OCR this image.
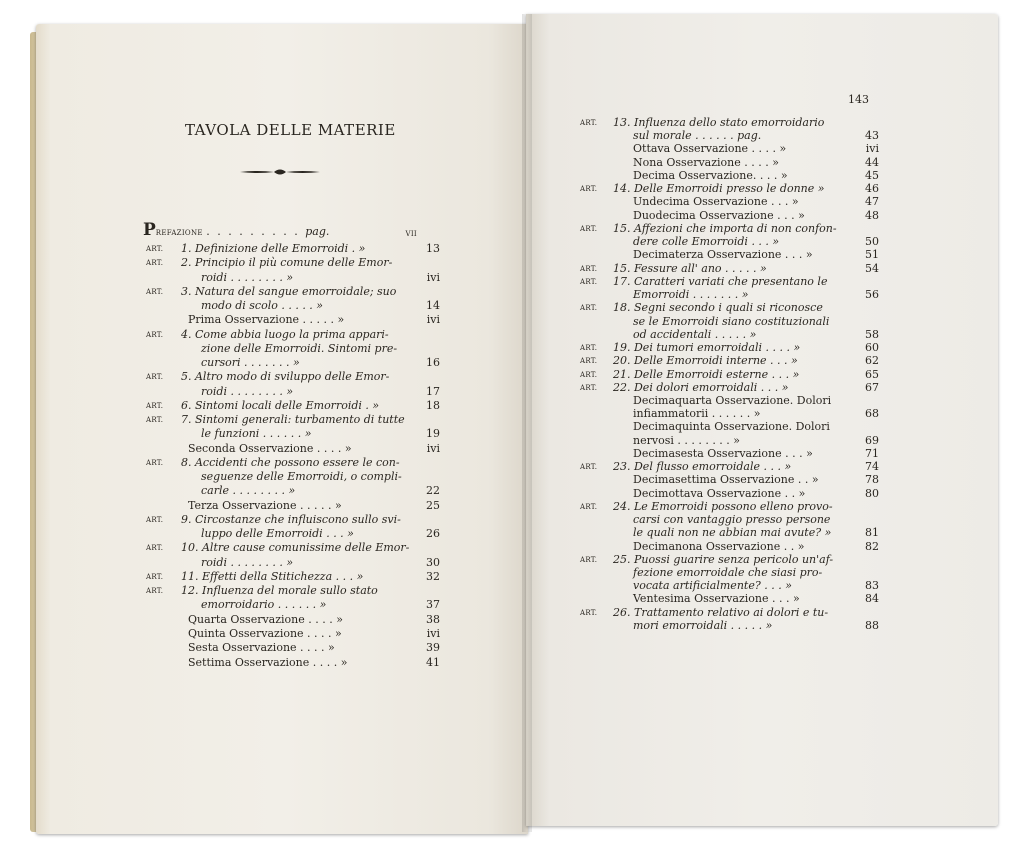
TAVOLA DELLE MATERIE
143
PREFAZIONE . . . . . . . . . pag.	VII
ART. 1. Definizione delle Emorroidi . »	13
ART. 2. Principio il più comune delle Emor-
roidi . . . . . . . . »	ivi
ART. 3. Natura del sangue emorroidale; suo
modo di scolo . . . . . »	14
Prima Osservazione . . . . . »	ivi
ART. 4. Come abbia luogo la prima appari-
zione delle Emorroidi. Sintomi pre-
cursori . . . . . . . »	16
ART. 5. Altro modo di sviluppo delle Emor-
roidi . . . . . . . . »	17
ART. 6. Sintomi locali delle Emorroidi . »	18
ART. 7. Sintomi generali: turbamento di tutte
le funzioni . . . . . . »	19
Seconda Osservazione . . . . »	ivi
ART. 8. Accidenti che possono essere le con-
seguenze delle Emorroidi, o compli-
carle . . . . . . . . »	22
Terza Osservazione . . . . . »	25
ART. 9. Circostanze che influiscono sullo svi-
luppo delle Emorroidi . . . »	26
ART. 10. Altre cause comunissime delle Emor-
roidi . . . . . . . . »	30
ART. 11. Effetti della Stitichezza . . . »	32
ART. 12. Influenza del morale sullo stato
emorroidario . . . . . . »	37
Quarta Osservazione . . . . »	38
Quinta Osservazione . . . . »	ivi
Sesta Osservazione . . . . »	39
Settima Osservazione . . . . »	41
ART. 13. Influenza dello stato emorroidario
sul morale . . . . . . pag.	43
Ottava Osservazione . . . . »	ivi
Nona Osservazione . . . . »	44
Decima Osservazione. . . . »	45
ART. 14. Delle Emorroidi presso le donne »	46
Undecima Osservazione . . . »	47
Duodecima Osservazione . . . »	48
ART. 15. Affezioni che importa di non confon-
dere colle Emorroidi . . . »	50
Decimaterza Osservazione . . . »	51
ART. 15. Fessure all' ano . . . . . »	54
ART. 17. Caratteri variati che presentano le
Emorroidi . . . . . . . »	56
ART. 18. Segni secondo i quali si riconosce
se le Emorroidi siano costituzionali
od accidentali . . . . . »	58
ART. 19. Dei tumori emorroidali . . . . »	60
ART. 20. Delle Emorroidi interne . . . »	62
ART. 21. Delle Emorroidi esterne . . . »	65
ART. 22. Dei dolori emorroidali . . . »	67
Decimaquarta Osservazione. Dolori
infiammatorii . . . . . . »	68
Decimaquinta Osservazione. Dolori
nervosi . . . . . . . . »	69
Decimasesta Osservazione . . . »	71
ART. 23. Del flusso emorroidale . . . »	74
Decimasettima Osservazione . . »	78
Decimottava Osservazione . . »	80
ART. 24. Le Emorroidi possono elleno provo-
carsi con vantaggio presso persone
le quali non ne abbian mai avute? »	81
Decimanona Osservazione . . »	82
ART. 25. Puossi guarire senza pericolo un'af-
fezione emorroidale che siasi pro-
vocata artificialmente? . . . »	83
Ventesima Osservazione . . . »	84
ART. 26. Trattamento relativo ai dolori e tu-
mori emorroidali . . . . . »	88
